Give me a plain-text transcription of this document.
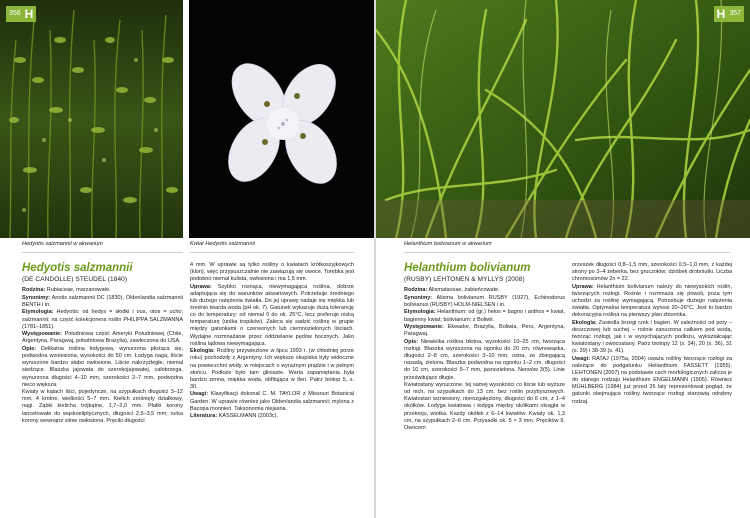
356 H
Hedyotis salzmannii w akwarium	Kwiat Hedyotis salzmannii
Hedyotis salzmannii
(DE CANDOLLE) STEUDEL (1840)

Rodzina: Rubiaceae, marzanowate.

Synonimy: Anotis salzmannii DC (1830), Oldenlandia salzmannii BENTH i in.

Etymologia: Hedyotis: od hedys = słodki i ous, otos = ucho; salzmannii: na część kolekcjonera roślin PHILIPPA SALZMANNA (1781–1851).

Występowanie: Południowa część Ameryki Południowej (Chile, Argentyna, Paragwaj, południowa Brazylia), zawleczona do USA.

Opis: Delikatna roślina łodygowa, wynurzona płożąca się, podwodna wzniesiona, wysokości do 50 cm. Łodyga naga, liście wynurzone bardzo słabo owłosione. Liście nakrzyżległe, niemal siedzące. Blaszka jajowata do szerokojajowatej, całobrzega, wynurzona długości 4–10 mm, szerokości 2–7 mm, podwodna nieco większa.

Kwiaty w kątach liści, pojedyncze, na szypułkach długości 3–12 mm, 4 krotne, wielkości 5–7 mm. Kielich zrośnięty działkowy, nagi. Ząbki kielicha trójkątne, 1,7–2,0 mm. Płatki korony lancetowate do wąskoeliptycznych, długości 2,5–3,5 mm; rurka korony wewnątrz silnie owłosiona. Pręciki długości

4 mm. W uprawie są tylko rośliny o kwiatach krótkoszyjkowych (klon), więc przypuszczalnie nie zawiązują się owoce. Torebka jest podobno niemal kulista, owłosiona i ma 1,5 mm.

Uprawa: Szybko rosnąca, niewymagająca roślina, dobrze adaptująca się do warunków akwariowych. Potrzebuje średniego lub dużego natężenia światła. Do jej uprawy nadaje się miękka lub średnio twarda woda (pH ok. 7). Gatunek wykazuje dużą tolerancję co do temperatury: od niemal 0 do ok. 25°C, lecz preferuje niską temperaturę (unika tropików). Zaleca się sadzić roślinę w grupie między gatunkami o czerwonych lub ciemnozielonych liściach. Wydajne rozmnażanie przez oddzielanie pędów bocznych. Jako roślina lądowa niewymagająca.

Ekologia: Rośliny przywiezione w lipcu 1993 r. (w chłodniej porze roku) pochodziły z Argentyny. Ich większe skupiska były widoczne na powierzchni wody, w miejscach o wyraźnym prądzie i w pełnym słońcu. Podłoże było tam gliniaste. Warta zapamiętania była bardzo zimna, miękka woda, obfitująca w tlen. Patrz biotop 5, s. 30.

Uwagi: Klasyfikacji dokonał C. M. TAYLOR z Missouri Botanical Garden. W uprawie również jako Oldenlandia salzmannii; mylona z Bacopa monnieri. Taksonomia niejasna.

Literatura: KASSELMANN (2003c).

357
H
Helanthium bolivianum w akwarium
Helanthium bolivianum
(RUSBY) LEHTONEN & MYLLYS (2008)

Rodzina: Alismataceae, żabieńcowate.

Synonimy: Alisma bolivianum RUSBY (1927), Echinodorus bolivianus (RUSBY) HOLM-NIELSEN i in.

Etymologia: Helanthium: od (gr.) helos = bagno i anthos = kwiat, bagienny kwiat; bolivianum: z Boliwii.

Występowanie: Ekwador, Brazylia, Boliwia, Peru, Argentyna, Paragwaj.

Opis: Niewielka roślina błotna, wysokości 10–25 cm, tworząca rozłogi. Blaszka wynurzona na ogonku do 20 cm, równowąska, długości 2–8 cm, szerokości 3–10 mm, ostra, ze zbiegającą nasadą, zielona. Blaszka podwodna na ogonku 1–2 cm, długości do 10 cm, szerokości 5–7 mm, jasnozielona. Nerwów 3(5). Linie prześwitujące długie.

Kwiatostany wynurzone, tej samej wysokości co liście lub wyższe od nich, na szypułkach do 13 cm, bez roślin przybyszowych. Kwiatostan wzniesiony, nierozgałęziony, długości do 6 cm, z 1–4 okółków. Łodyga kwiatowa i łodyga między okółkami okrągła w przekroju, wiotka. Każdy okółek z 6–14 kwiatów. Kwiaty ok. 1,3 cm, na szypułkach 2–6 cm. Przysadki ok. 5 × 3 mm. Pręcików 9. Owocem

orzeszek długości 0,8–1,5 mm, szerokości 0,5–1,0 mm, z każdej strony po 3–4 żeberka, bez gruczołów; dzióbek drobniutki. Liczba chromosomów 2n = 22.

Uprawa: Helanthium bolivianum należy do niewysokich roślin, tworzących rozłogi. Rośnie i rozmnaża się powoli, poza tym uchodzi za roślinę wymagającą. Potrzebuje dużego natężenia światła. Optymalna temperatura wynosi 20–26°C. Jest to bardzo dekoracyjna roślina na pierwszy plan zbiornika.

Ekologia: Zasiedla brzegi rzek i bagien. W zależności od pory – deszczowej lub suchej – rośnie zanurzona całkiem pod wodą, tworząc rozłogi, jak i w wysychających podłożu, wykształcając kwiatostany i owocostany. Patrz biotopy 12 (s. 34), 20 (s. 36), 31 (s. 39) i 38-39 (s. 41).

Uwagi: RATAJ (1975a, 2004) uważa rośliny tworzące rozłogi za należące do podgatunku Helianthium FASSETT (1955). LEHTONEN (2007) na podstawie cech morfologicznych zalicza je do starego rodzaju Helanthium ENGELMANN (1905). Również MÜHLBERG (1984) już przed 26 laty reprezentował pogląd, że gatunki obejmujące rośliny tworzące rozłogi stanowią odrębny rodzaj.
